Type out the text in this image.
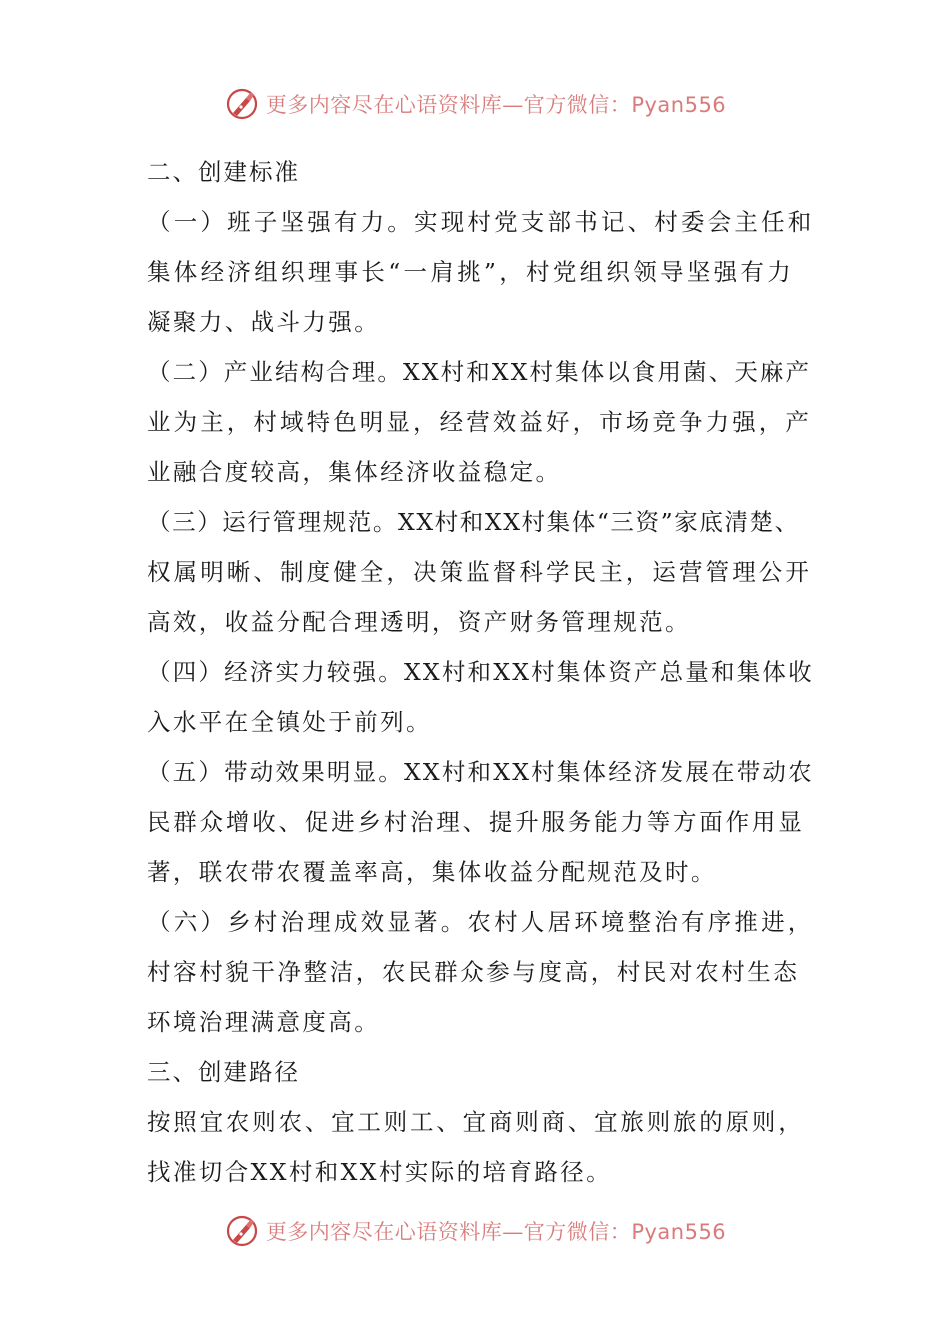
更多内容尽在心语资料库—官方微信：Pyan556
二、创建标准
（一）班子坚强有力。实现村党支部书记、村委会主任和
集体经济组织理事长“一肩挑”，村党组织领导坚强有力
凝聚力、战斗力强。
（二）产业结构合理。XX村和XX村集体以食用菌、天麻产
业为主，村域特色明显，经营效益好，市场竞争力强，产
业融合度较高，集体经济收益稳定。
（三）运行管理规范。XX村和XX村集体“三资”家底清楚、
权属明晰、制度健全，决策监督科学民主，运营管理公开
高效，收益分配合理透明，资产财务管理规范。
（四）经济实力较强。XX村和XX村集体资产总量和集体收
入水平在全镇处于前列。
（五）带动效果明显。XX村和XX村集体经济发展在带动农
民群众增收、促进乡村治理、提升服务能力等方面作用显
著，联农带农覆盖率高，集体收益分配规范及时。
（六）乡村治理成效显著。农村人居环境整治有序推进，
村容村貌干净整洁，农民群众参与度高，村民对农村生态
环境治理满意度高。
三、创建路径
按照宜农则农、宜工则工、宜商则商、宜旅则旅的原则，
找准切合XX村和XX村实际的培育路径。
更多内容尽在心语资料库—官方微信：Pyan556
